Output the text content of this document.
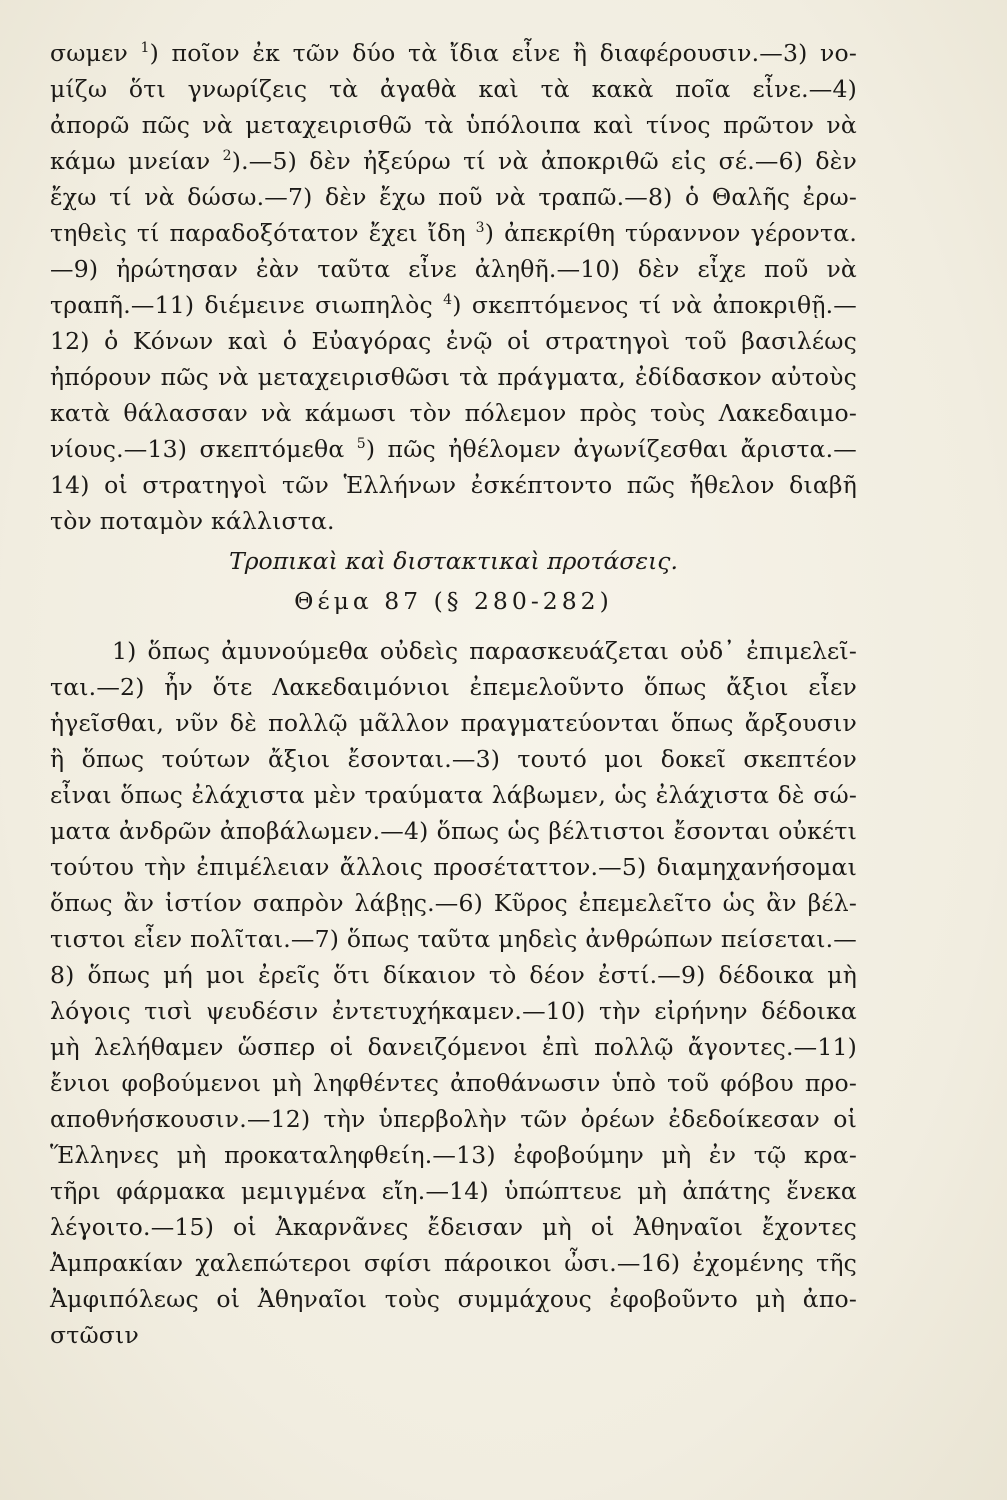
σωμεν $^1$) ποῖον ἐκ τῶν δύο τὰ ἴδια εἶνε ἢ διαφέρουσιν.—3) νο-
μίζω ὅτι γνωρίζεις τὰ ἀγαθὰ καὶ τὰ κακὰ ποῖα εἶνε.—4)
ἀπορῶ πῶς νὰ μεταχειρισθῶ τὰ ὑπόλοιπα καὶ τίνος πρῶτον νὰ
κάμω μνείαν $^2$).—5) δὲν ἠξεύρω τί νὰ ἀποκριθῶ εἰς σέ.—6) δὲν
ἔχω τί νὰ δώσω.—7) δὲν ἔχω ποῦ νὰ τραπῶ.—8) ὁ Θαλῆς ἐρω-
τηθεὶς τί παραδοξότατον ἔχει ἴδη $^3$) ἀπεκρίθη τύραννον γέροντα.
—9) ἠρώτησαν ἐὰν ταῦτα εἶνε ἀληθῆ.—10) δὲν εἶχε ποῦ νὰ
τραπῆ.—11) διέμεινε σιωπηλὸς $^4$) σκεπτόμενος τί νὰ ἀποκριθῇ.—
12) ὁ Κόνων καὶ ὁ Εὐαγόρας ἐνῷ οἱ στρατηγοὶ τοῦ βασιλέως
ἠπόρουν πῶς νὰ μεταχειρισθῶσι τὰ πράγματα, ἐδίδασκον αὐτοὺς
κατὰ θάλασσαν νὰ κάμωσι τὸν πόλεμον πρὸς τοὺς Λακεδαιμο-
νίους.—13) σκεπτόμεθα $^5$) πῶς ἠθέλομεν ἀγωνίζεσθαι ἄριστα.—
14) οἱ στρατηγοὶ τῶν Ἑλλήνων ἐσκέπτοντο πῶς ἤθελον διαβῆ
τὸν ποταμὸν κάλλιστα.
Τροπικαὶ καὶ διστακτικαὶ προτάσεις.
Θέμα 87 (§ 280-282)
1) ὅπως ἀμυνούμεθα οὐδεὶς παρασκευάζεται οὐδ᾽ ἐπιμελεῖ-
ται.—2) ἦν ὅτε Λακεδαιμόνιοι ἐπεμελοῦντο ὅπως ἄξιοι εἶεν
ἡγεῖσθαι, νῦν δὲ πολλῷ μᾶλλον πραγματεύονται ὅπως ἄρξουσιν
ἢ ὅπως τούτων ἄξιοι ἔσονται.—3) τουτό μοι δοκεῖ σκεπτέον
εἶναι ὅπως ἐλάχιστα μὲν τραύματα λάβωμεν, ὡς ἐλάχιστα δὲ σώ-
ματα ἀνδρῶν ἀποβάλωμεν.—4) ὅπως ὡς βέλτιστοι ἔσονται οὐκέτι
τούτου τὴν ἐπιμέλειαν ἄλλοις προσέταττον.—5) διαμηχανήσομαι
ὅπως ἂν ἱστίον σαπρὸν λάβῃς.—6) Κῦρος ἐπεμελεῖτο ὡς ἂν βέλ-
τιστοι εἶεν πολῖται.—7) ὅπως ταῦτα μηδεὶς ἀνθρώπων πείσεται.—
8) ὅπως μή μοι ἐρεῖς ὅτι δίκαιον τὸ δέον ἐστί.—9) δέδοικα μὴ
λόγοις τισὶ ψευδέσιν ἐντετυχήκαμεν.—10) τὴν εἰρήνην δέδοικα
μὴ λελήθαμεν ὥσπερ οἱ δανειζόμενοι ἐπὶ πολλῷ ἄγοντες.—11)
ἔνιοι φοβούμενοι μὴ ληφθέντες ἀποθάνωσιν ὑπὸ τοῦ φόβου προ-
αποθνήσκουσιν.—12) τὴν ὑπερβολὴν τῶν ὀρέων ἐδεδοίκεσαν οἱ
Ἕλληνες μὴ προκαταληφθείη.—13) ἐφοβούμην μὴ ἐν τῷ κρα-
τῆρι φάρμακα μεμιγμένα εἴη.—14) ὑπώπτευε μὴ ἀπάτης ἕνεκα
λέγοιτο.—15) οἱ Ἀκαρνᾶνες ἔδεισαν μὴ οἱ Ἀθηναῖοι ἔχοντες
Ἀμπρακίαν χαλεπώτεροι σφίσι πάροικοι ὦσι.—16) ἐχομένης τῆς
Ἀμφιπόλεως οἱ Ἀθηναῖοι τοὺς συμμάχους ἐφοβοῦντο μὴ ἀπο-
στῶσιν
